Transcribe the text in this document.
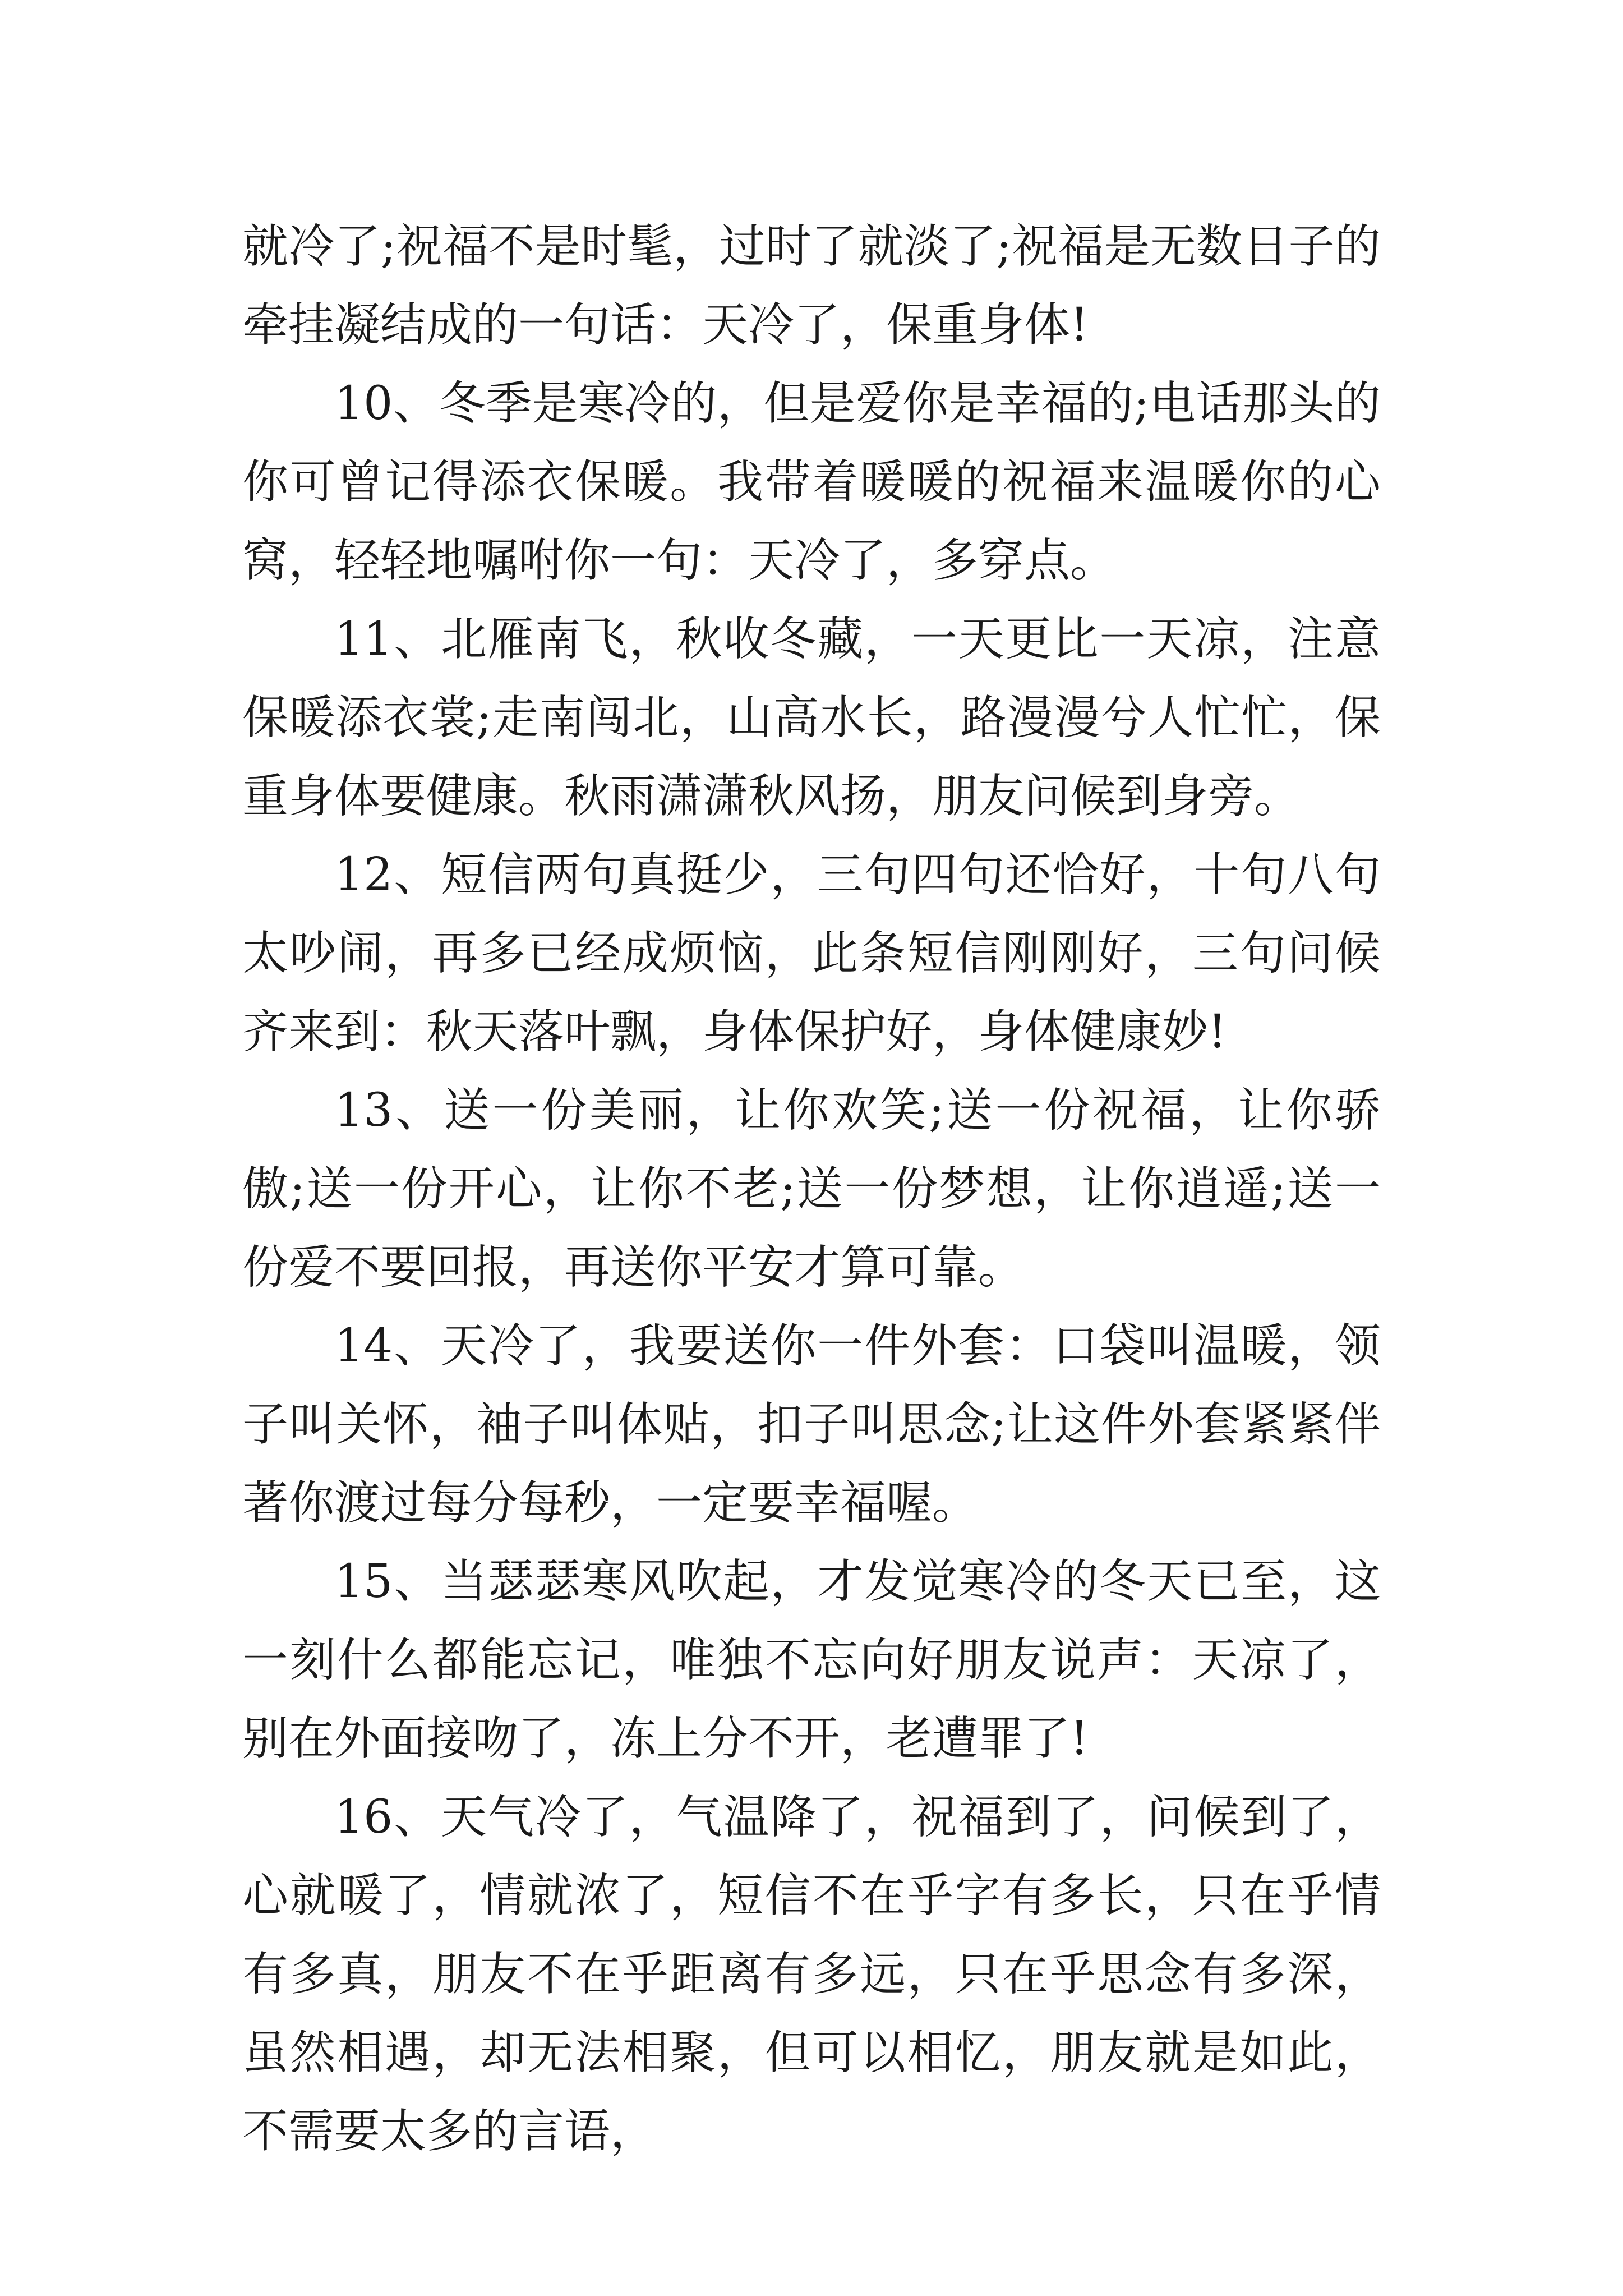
就冷了;祝福不是时髦，过时了就淡了;祝福是无数日子的牵挂凝结成的一句话：天冷了，保重身体!

10、冬季是寒冷的，但是爱你是幸福的;电话那头的你可曾记得添衣保暖。我带着暖暖的祝福来温暖你的心窝，轻轻地嘱咐你一句：天冷了，多穿点。

11、北雁南飞，秋收冬藏，一天更比一天凉，注意保暖添衣裳;走南闯北，山高水长，路漫漫兮人忙忙，保重身体要健康。秋雨潇潇秋风扬，朋友问候到身旁。

12、短信两句真挺少，三句四句还恰好，十句八句太吵闹，再多已经成烦恼，此条短信刚刚好，三句问候齐来到：秋天落叶飘，身体保护好，身体健康妙!

13、送一份美丽，让你欢笑;送一份祝福，让你骄傲;送一份开心，让你不老;送一份梦想，让你逍遥;送一份爱不要回报，再送你平安才算可靠。

14、天冷了，我要送你一件外套：口袋叫温暖，领子叫关怀，袖子叫体贴，扣子叫思念;让这件外套紧紧伴著你渡过每分每秒，一定要幸福喔。

15、当瑟瑟寒风吹起，才发觉寒冷的冬天已至，这一刻什么都能忘记，唯独不忘向好朋友说声：天凉了，别在外面接吻了，冻上分不开，老遭罪了!

16、天气冷了，气温降了，祝福到了，问候到了，心就暖了，情就浓了，短信不在乎字有多长，只在乎情有多真，朋友不在乎距离有多远，只在乎思念有多深，虽然相遇，却无法相聚，但可以相忆，朋友就是如此，不需要太多的言语，
